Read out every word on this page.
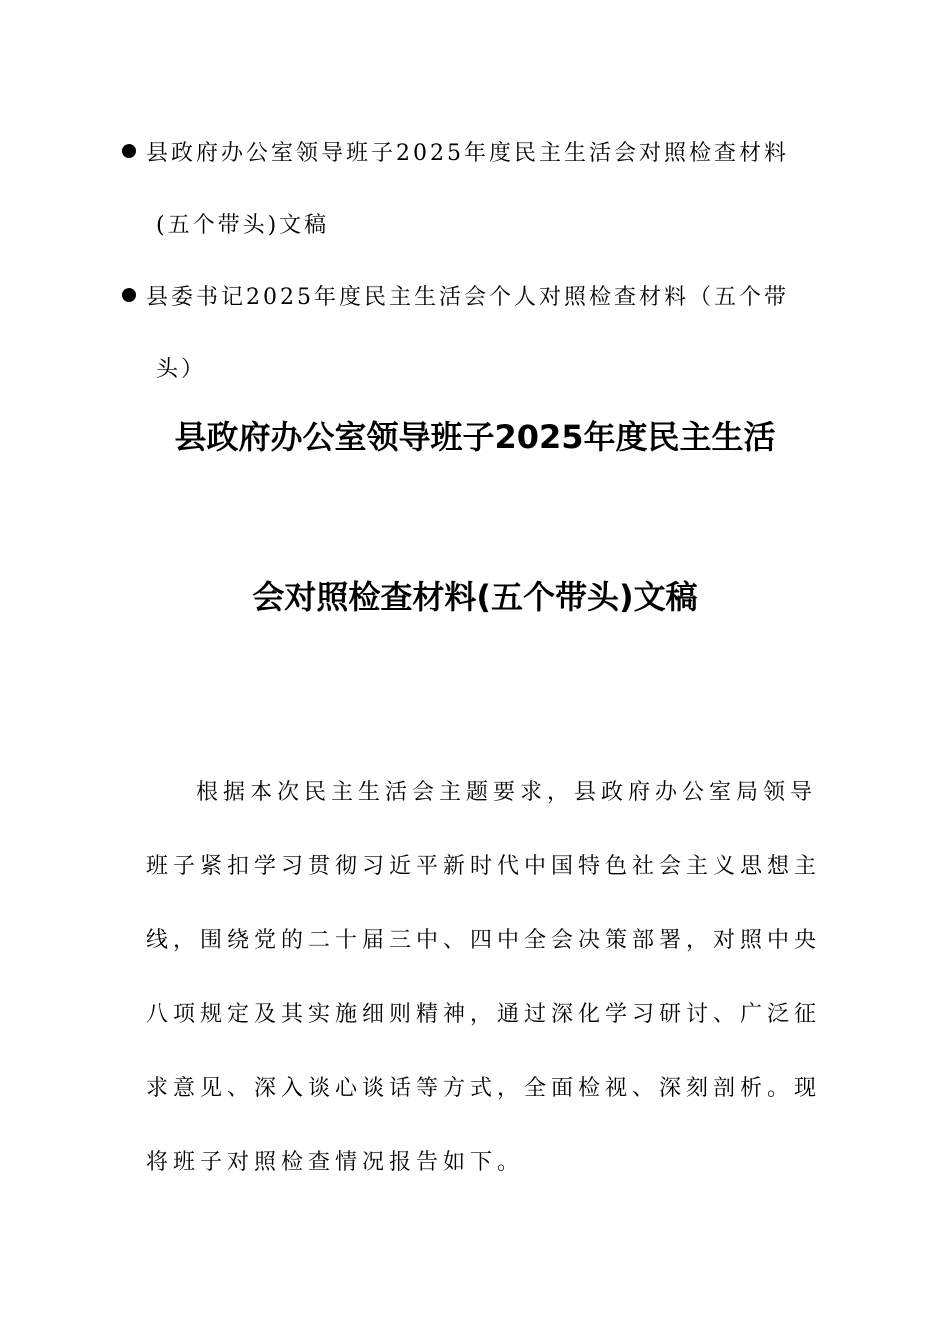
县政府办公室领导班子2025年度民主生活会对照检查材料
(五个带头)文稿
县委书记2025年度民主生活会个人对照检查材料（五个带
头）
县政府办公室领导班子2025年度民主生活
会对照检查材料(五个带头)文稿
根据本次民主生活会主题要求，县政府办公室局领导
班子紧扣学习贯彻习近平新时代中国特色社会主义思想主
线，围绕党的二十届三中、四中全会决策部署，对照中央
八项规定及其实施细则精神，通过深化学习研讨、广泛征
求意见、深入谈心谈话等方式，全面检视、深刻剖析。现
将班子对照检查情况报告如下。
